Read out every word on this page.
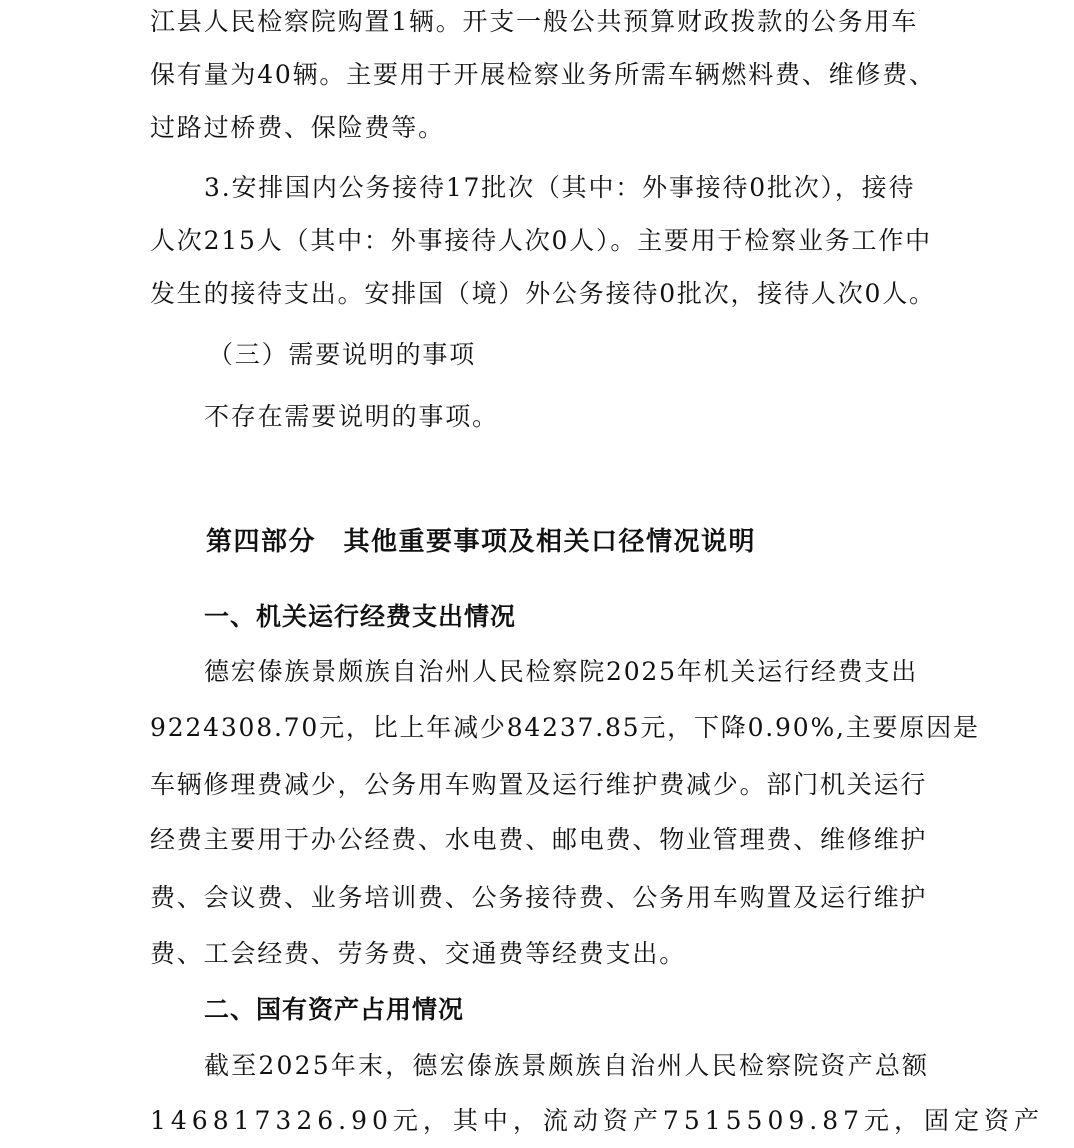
江县人民检察院购置1辆。开支一般公共预算财政拨款的公务用车
保有量为40辆。主要用于开展检察业务所需车辆燃料费、维修费、
过路过桥费、保险费等。
3.安排国内公务接待17批次（其中：外事接待0批次），接待
人次215人（其中：外事接待人次0人）。主要用于检察业务工作中
发生的接待支出。安排国（境）外公务接待0批次，接待人次0人。
（三）需要说明的事项
不存在需要说明的事项。
第四部分　其他重要事项及相关口径情况说明
一、机关运行经费支出情况
德宏傣族景颇族自治州人民检察院2025年机关运行经费支出
9224308.70元，比上年减少84237.85元，下降0.90%,主要原因是
车辆修理费减少，公务用车购置及运行维护费减少。部门机关运行
经费主要用于办公经费、水电费、邮电费、物业管理费、维修维护
费、会议费、业务培训费、公务接待费、公务用车购置及运行维护
费、工会经费、劳务费、交通费等经费支出。
二、国有资产占用情况
截至2025年末，德宏傣族景颇族自治州人民检察院资产总额
146817326.90元，其中，流动资产7515509.87元，固定资产
